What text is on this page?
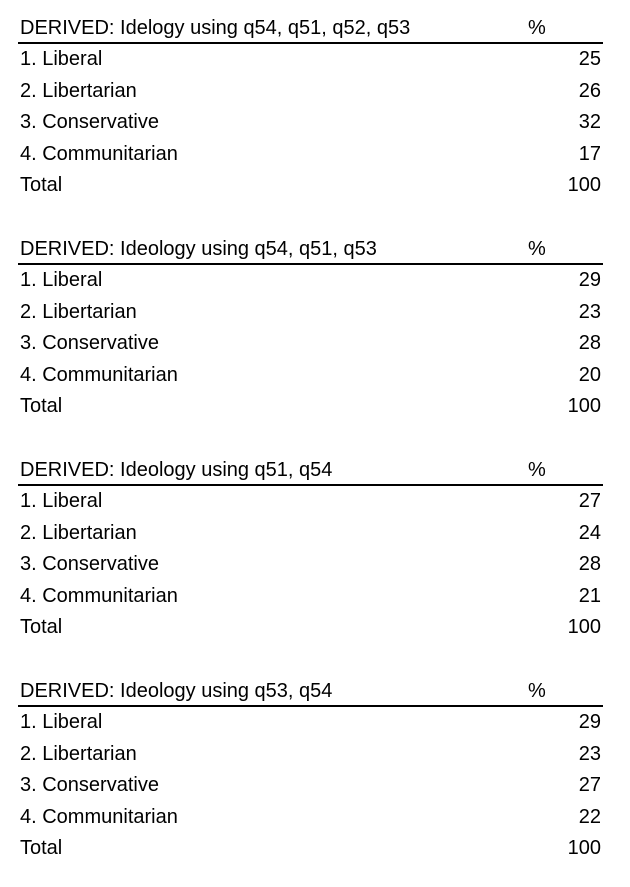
DERIVED: Idelogy using q54, q51, q52, q53	%
1. Liberal	25
2. Libertarian	26
3. Conservative	32
4. Communitarian	17
Total	100
DERIVED: Ideology using q54, q51, q53	%
1. Liberal	29
2. Libertarian	23
3. Conservative	28
4. Communitarian	20
Total	100
DERIVED: Ideology using q51, q54	%
1. Liberal	27
2. Libertarian	24
3. Conservative	28
4. Communitarian	21
Total	100
DERIVED: Ideology using q53, q54	%
1. Liberal	29
2. Libertarian	23
3. Conservative	27
4. Communitarian	22
Total	100
